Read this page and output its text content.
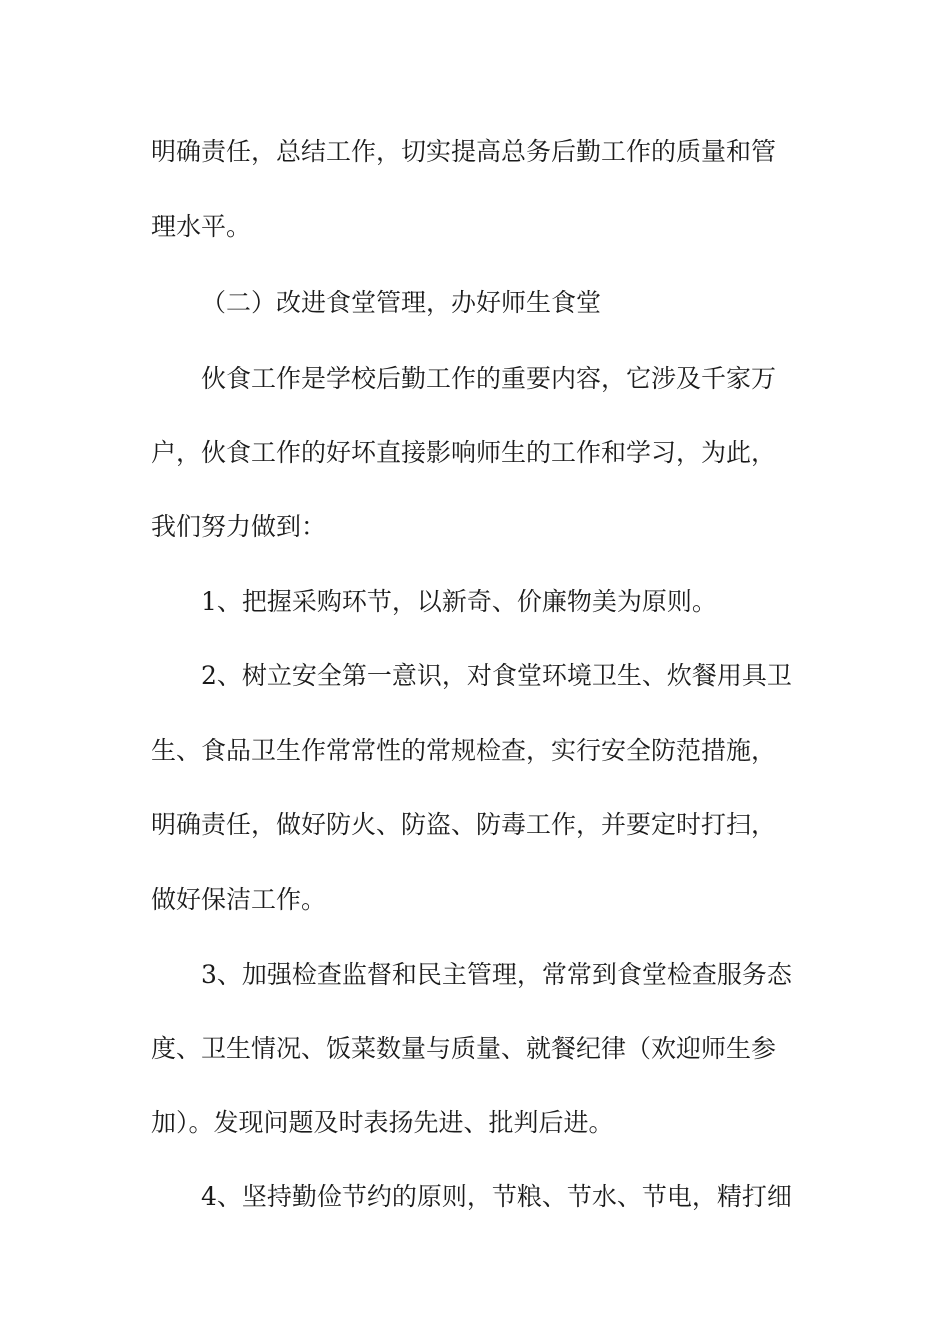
明确责任，总结工作，切实提高总务后勤工作的质量和管
理水平。
（二）改进食堂管理，办好师生食堂
伙食工作是学校后勤工作的重要内容，它涉及千家万
户，伙食工作的好坏直接影响师生的工作和学习，为此，
我们努力做到：
1、把握采购环节，以新奇、价廉物美为原则。
2、树立安全第一意识，对食堂环境卫生、炊餐用具卫
生、食品卫生作常常性的常规检查，实行安全防范措施，
明确责任，做好防火、防盗、防毒工作，并要定时打扫，
做好保洁工作。
3、加强检查监督和民主管理，常常到食堂检查服务态
度、卫生情况、饭菜数量与质量、就餐纪律（欢迎师生参
加）。发现问题及时表扬先进、批判后进。
4、坚持勤俭节约的原则，节粮、节水、节电，精打细
